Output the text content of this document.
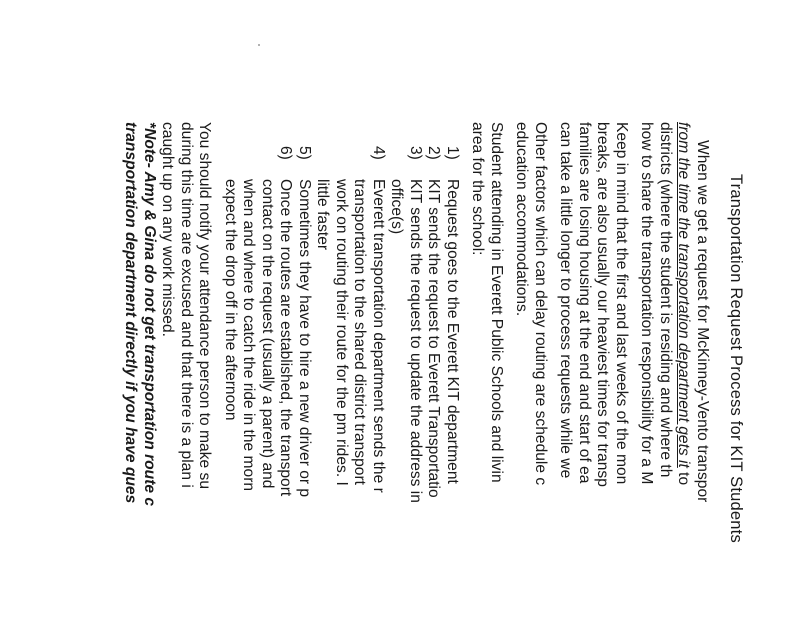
Transportation Request Process for KIT Students
When we get a request for McKinney-Vento transpor
from the time the transportation department gets it to
districts (where the student is residing and where th
how to share the transportation responsibility for a M
Keep in mind that the first and last weeks of the mon
breaks, are also usually our heaviest times for transp
families are losing housing at the end and start of ea
can take a little longer to process requests while we
Other factors which can delay routing are schedule c
education accommodations.
Student attending in Everett Public Schools and livin
area for the school:
1)
Request goes to the Everett KIT department
2)
KIT sends the request to Everett Transportatio
3)
KIT sends the request to update the address in
office(s)
4)
Everett transportation department sends the r
transportation to the shared district transport
work on routing their route for the pm rides. I
little faster
5)
Sometimes they have to hire a new driver or p
6)
Once the routes are established, the transport
contact on the request (usually a parent) and
when and where to catch the ride in the morn
expect the drop off in the afternoon
You should notify your attendance person to make su
during this time are excused and that there is a plan i
caught up on any work missed.
*Note- Amy & Gina do not get transportation route c
transportation department directly if you have ques
